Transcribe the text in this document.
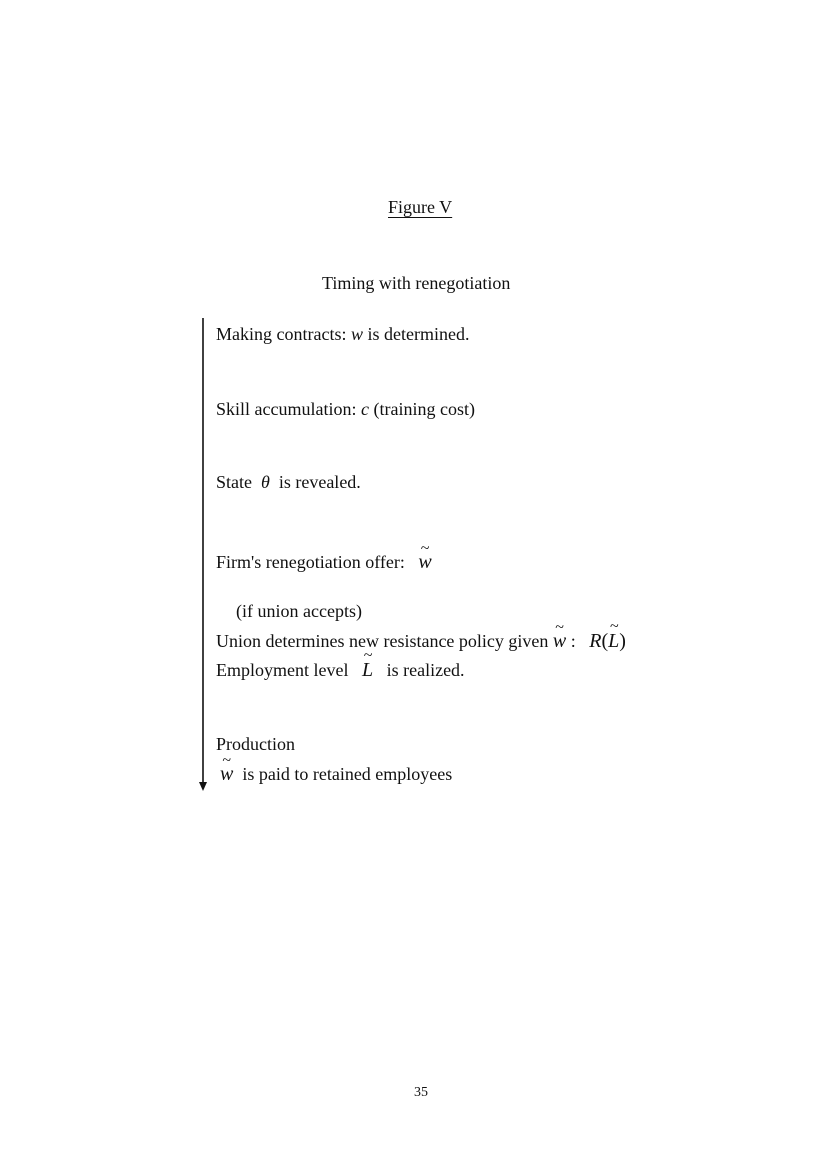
Figure V
Timing with renegotiation
Making contracts: w is determined.
Skill accumulation: c (training cost)
State  θ  is revealed.
Firm's renegotiation offer:   ~ w
(if union accepts)
Union determines new resistance policy given ~ w :   R(~ L)
Employment level   ~ L   is realized.
Production
~ w  is paid to retained employees
35
